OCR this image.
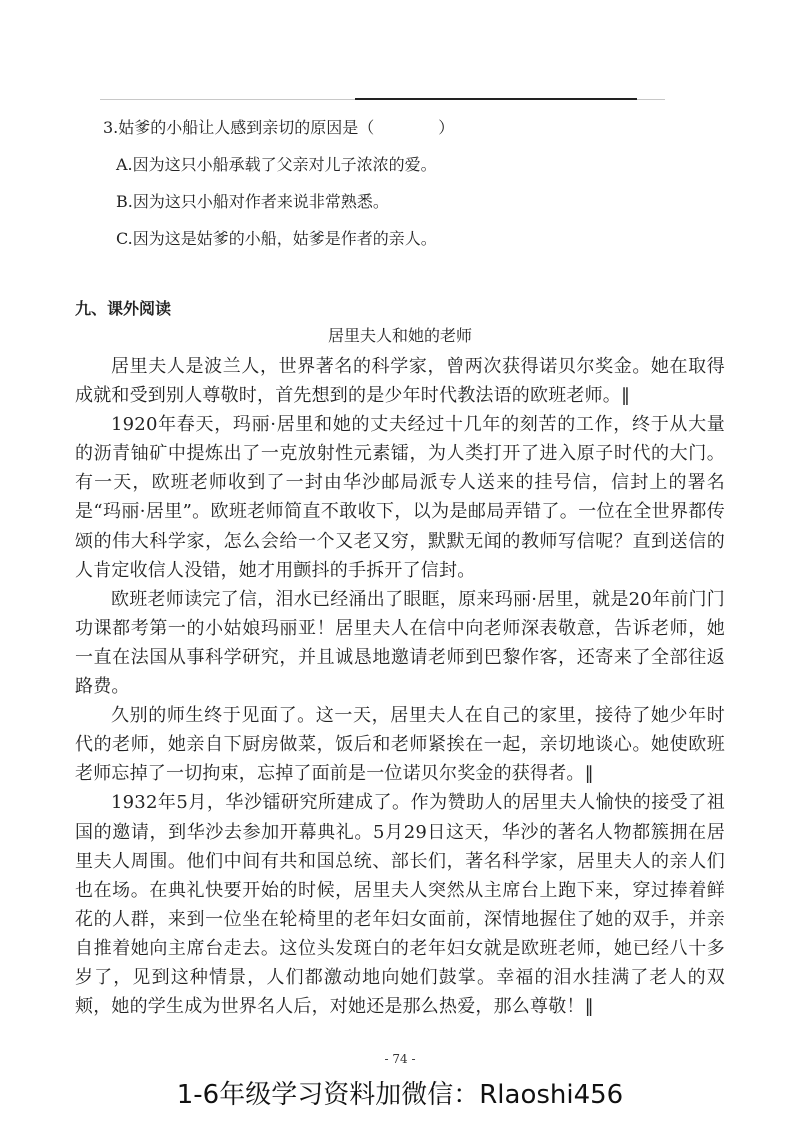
3.姑爹的小船让人感到亲切的原因是（　　　　）
A.因为这只小船承载了父亲对儿子浓浓的爱。
B.因为这只小船对作者来说非常熟悉。
C.因为这是姑爹的小船，姑爹是作者的亲人。
九、课外阅读
居里夫人和她的老师

居里夫人是波兰人，世界著名的科学家，曾两次获得诺贝尔奖金。她在取得成就和受到别人尊敬时，首先想到的是少年时代教法语的欧班老师。‖

1920年春天，玛丽·居里和她的丈夫经过十几年的刻苦的工作，终于从大量的沥青铀矿中提炼出了一克放射性元素镭，为人类打开了进入原子时代的大门。有一天，欧班老师收到了一封由华沙邮局派专人送来的挂号信，信封上的署名是“玛丽·居里”。欧班老师简直不敢收下，以为是邮局弄错了。一位在全世界都传颂的伟大科学家，怎么会给一个又老又穷，默默无闻的教师写信呢？直到送信的人肯定收信人没错，她才用颤抖的手拆开了信封。

欧班老师读完了信，泪水已经涌出了眼眶，原来玛丽·居里，就是20年前门门功课都考第一的小姑娘玛丽亚！居里夫人在信中向老师深表敬意，告诉老师，她一直在法国从事科学研究，并且诚恳地邀请老师到巴黎作客，还寄来了全部往返路费。

久别的师生终于见面了。这一天，居里夫人在自己的家里，接待了她少年时代的老师，她亲自下厨房做菜，饭后和老师紧挨在一起，亲切地谈心。她使欧班老师忘掉了一切拘束，忘掉了面前是一位诺贝尔奖金的获得者。‖

1932年5月，华沙镭研究所建成了。作为赞助人的居里夫人愉快的接受了祖国的邀请，到华沙去参加开幕典礼。5月29日这天，华沙的著名人物都簇拥在居里夫人周围。他们中间有共和国总统、部长们，著名科学家，居里夫人的亲人们也在场。在典礼快要开始的时候，居里夫人突然从主席台上跑下来，穿过捧着鲜花的人群，来到一位坐在轮椅里的老年妇女面前，深情地握住了她的双手，并亲自推着她向主席台走去。这位头发斑白的老年妇女就是欧班老师，她已经八十多岁了，见到这种情景，人们都激动地向她们鼓掌。幸福的泪水挂满了老人的双颊，她的学生成为世界名人后，对她还是那么热爱，那么尊敬！‖

- 74 -
1-6年级学习资料加微信：Rlaoshi456
